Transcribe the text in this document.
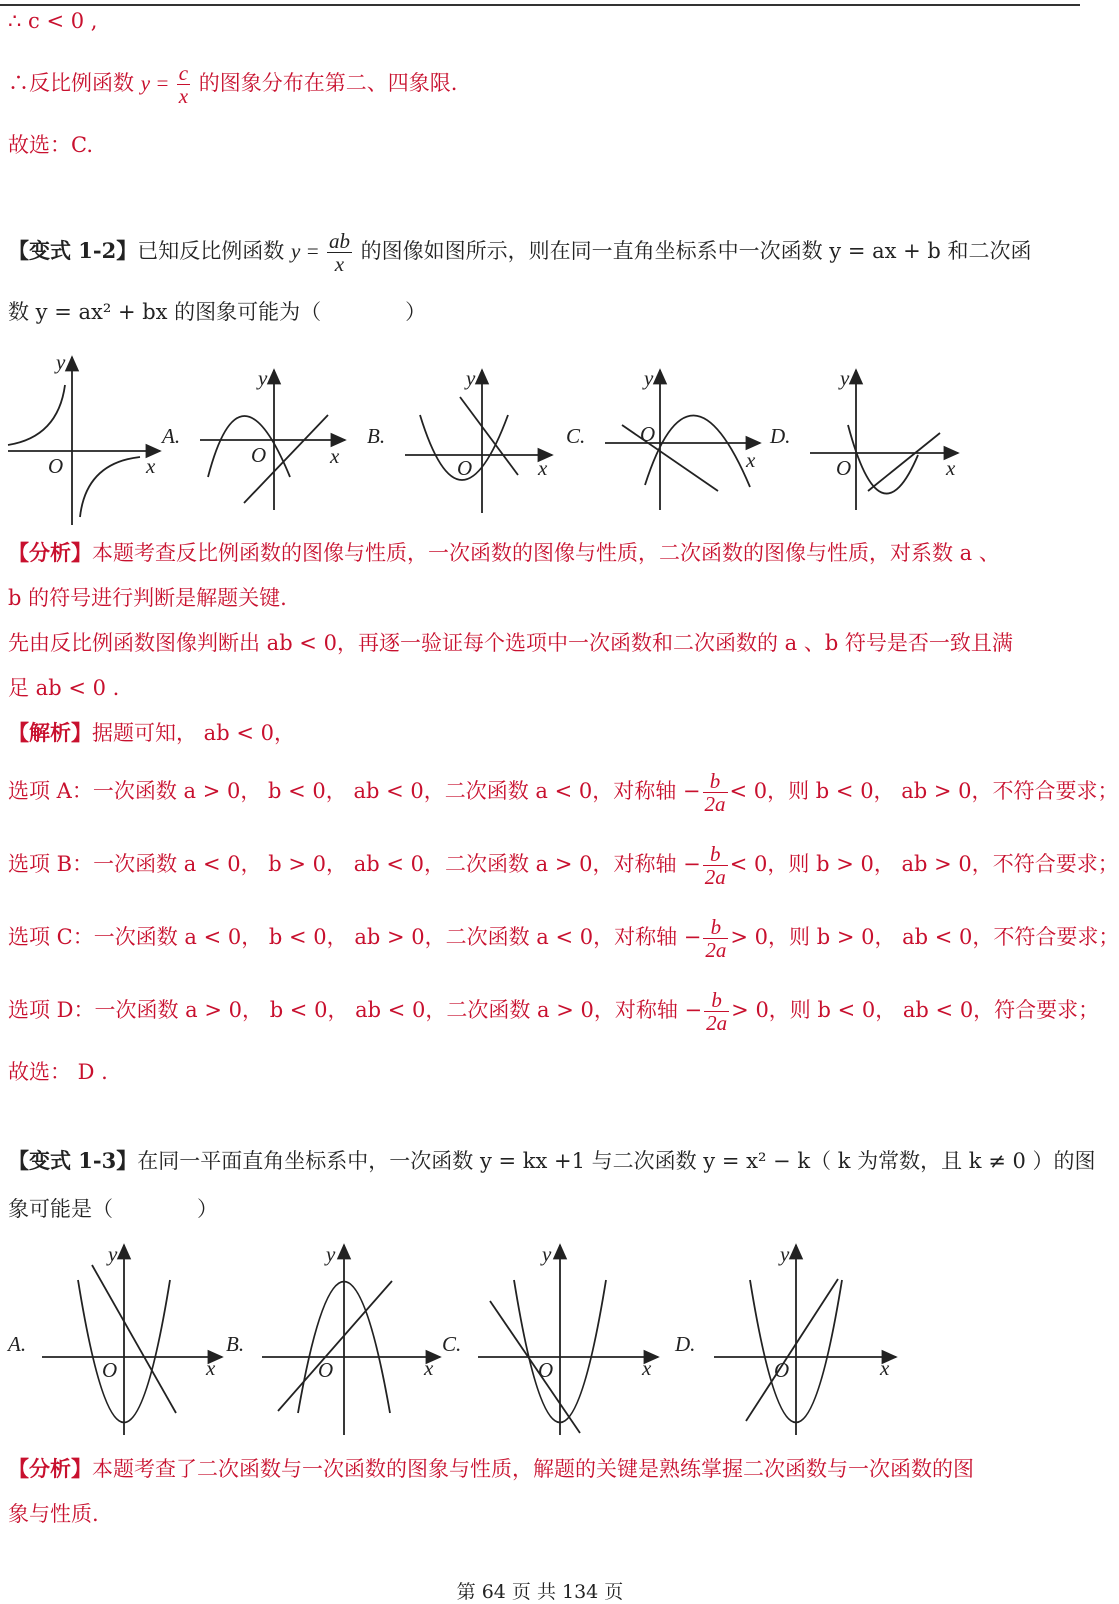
∴ c < 0 ,
∴反比例函数 $y = \frac{c}{x}$ 的图象分布在第二、四象限.
故选：C.
【变式 1-2】已知反比例函数 $y = \frac{ab}{x}$ 的图像如图所示，则在同一直角坐标系中一次函数 y = ax + b 和二次函
数 y = ax² + bx 的图象可能为（　　　　）
y
O	x
y
O	x
y
O	x
y
O
x
y
O	x
A.	B.	C.	D.
【分析】本题考查反比例函数的图像与性质，一次函数的图像与性质，二次函数的图像与性质，对系数 a 、
b 的符号进行判断是解题关键.
先由反比例函数图像判断出 ab < 0，再逐一验证每个选项中一次函数和二次函数的 a 、b 符号是否一致且满
足 ab < 0 .
【解析】据题可知， ab < 0，
选项 A：一次函数 a > 0， b < 0， ab < 0，二次函数 a < 0，对称轴 − $\frac{b}{2a} < 0$，则 b < 0， ab > 0，不符合要求；
选项 B：一次函数 a < 0， b > 0， ab < 0，二次函数 a > 0，对称轴 − $\frac{b}{2a} < 0$，则 b > 0， ab > 0，不符合要求；
选项 C：一次函数 a < 0， b < 0， ab > 0，二次函数 a < 0，对称轴 − $\frac{b}{2a} > 0$，则 b > 0， ab < 0，不符合要求；
选项 D：一次函数 a > 0， b < 0， ab < 0，二次函数 a > 0，对称轴 − $\frac{b}{2a} > 0$，则 b < 0， ab < 0，符合要求；
故选： D .
【变式 1-3】在同一平面直角坐标系中，一次函数 y = kx +1 与二次函数 y = x² − k（ k 为常数，且 k ≠ 0 ）的图
象可能是（　　　　）
A.	B.	C.	D.
y
O	x
y
O	x
y
O	x
y
O	x
【分析】本题考查了二次函数与一次函数的图象与性质，解题的关键是熟练掌握二次函数与一次函数的图
象与性质.
第 64 页 共 134 页
